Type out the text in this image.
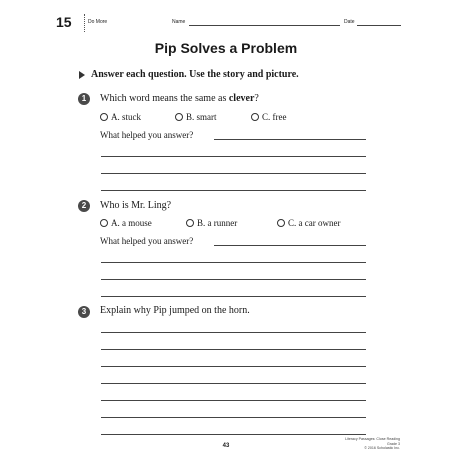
15	Do More	Name	Date
Pip Solves a Problem
Answer each question. Use the story and picture.
1	Which word means the same as clever?
A. stuck	B. smart	C. free
What helped you answer?
2	Who is Mr. Ling?
A. a mouse	B. a runner	C. a car owner
What helped you answer?
3	Explain why Pip jumped on the horn.
43
Literacy Passages: Close Reading Grade 3
© 2016 Scholastic Inc.
